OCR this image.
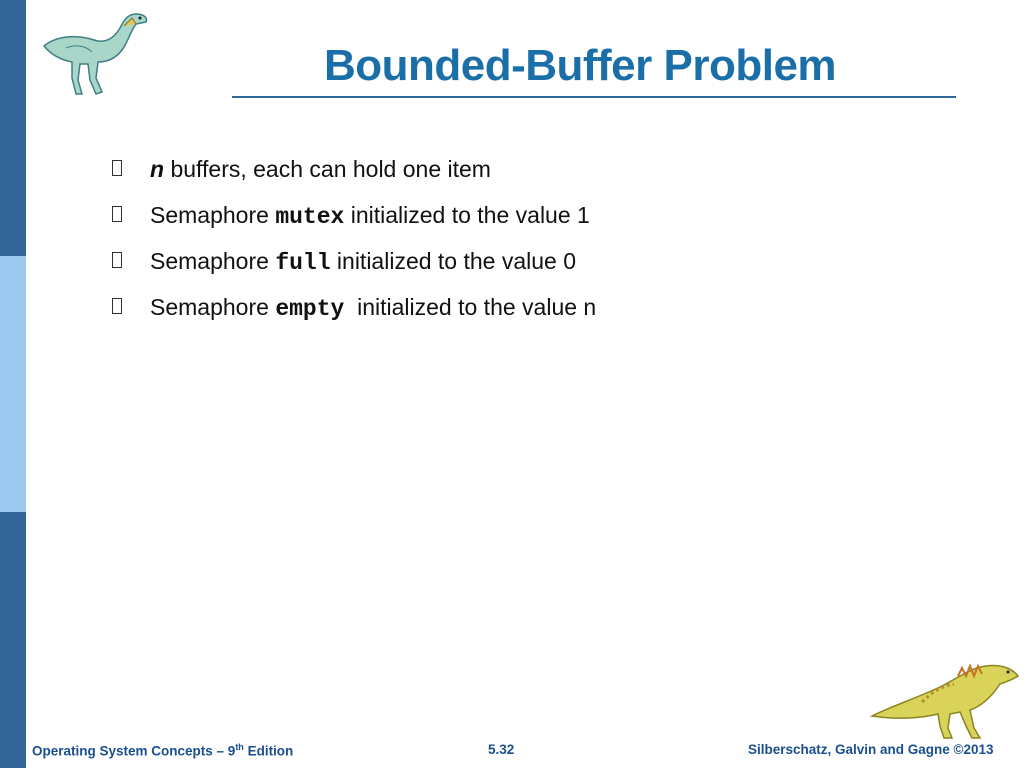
Bounded-Buffer Problem
n buffers, each can hold one item
Semaphore mutex initialized to the value 1
Semaphore full initialized to the value 0
Semaphore empty  initialized to the value n
Operating System Concepts – 9th Edition	5.32	Silberschatz, Galvin and Gagne ©2013
